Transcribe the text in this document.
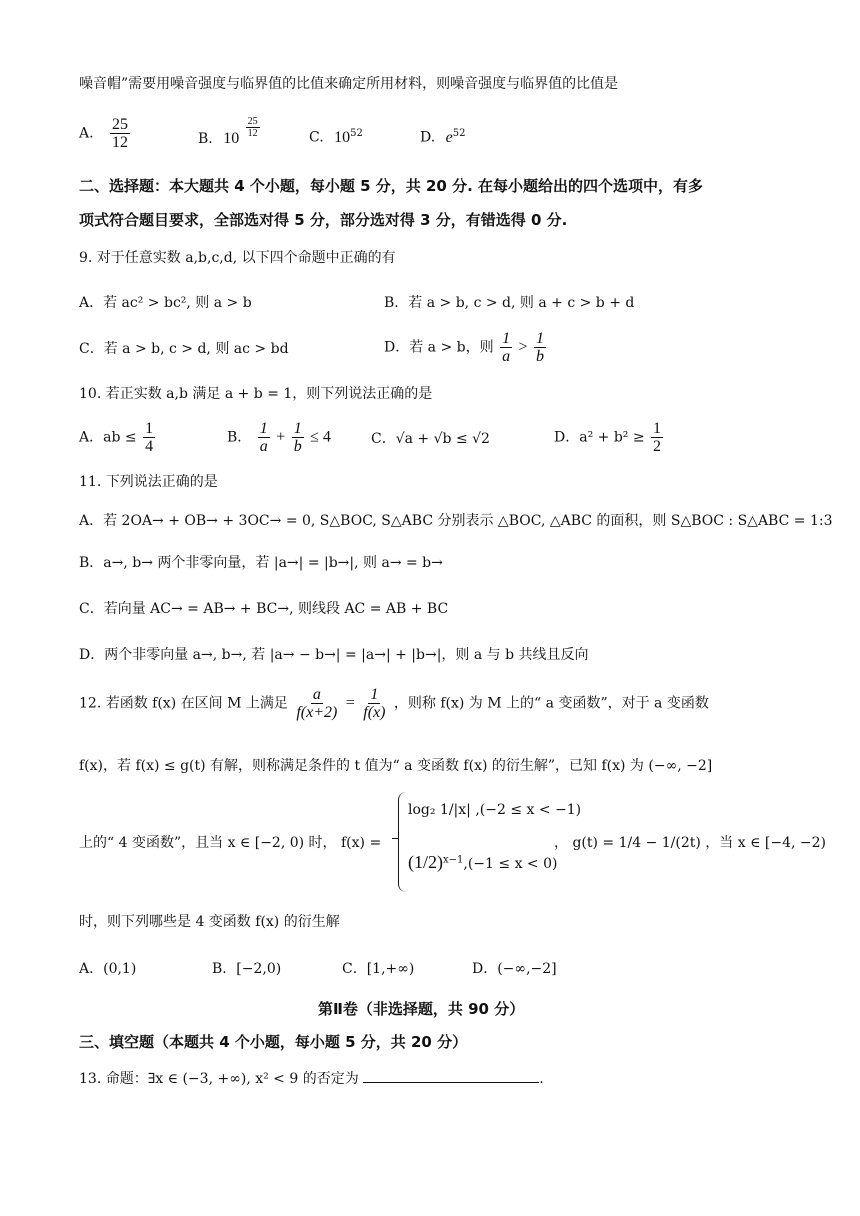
噪音帽”需要用噪音强度与临界值的比值来确定所用材料，则噪音强度与临界值的比值是
A. $\frac{25}{12}$	B. $10 \frac{25}{12}$	C. $10^{52}$	D. $e^{52}$
二、选择题：本大题共 4 个小题，每小题 5 分，共 20 分. 在每小题给出的四个选项中，有多
项式符合题目要求，全部选对得 5 分，部分选对得 3 分，有错选得 0 分.
9. 对于任意实数 a,b,c,d, 以下四个命题中正确的有
A．若 ac² > bc², 则 a > b	B．若 a > b, c > d, 则 a + c > b + d
C．若 a > b, c > d, 则 ac > bd	D．若 a > b，则 $\frac{1}{a} > \frac{1}{b}$
10. 若正实数 a,b 满足 a + b = 1，则下列说法正确的是
A．ab ≤ $\frac{1}{4}$	B． $\frac{1}{a} + \frac{1}{b} \le 4$	C．√a + √b ≤ √2	D．$a^2 + b^2 \ge \frac{1}{2}$
11. 下列说法正确的是
A．若 2OA→ + OB→ + 3OC→ = 0, S△BOC, S△ABC 分别表示 △BOC, △ABC 的面积，则 S△BOC : S△ABC = 1:3
B．a→, b→ 两个非零向量，若 |a→| = |b→|, 则 a→ = b→
C．若向量 AC→ = AB→ + BC→, 则线段 AC = AB + BC
D．两个非零向量 a→, b→, 若 |a→ − b→| = |a→| + |b→|，则 a 与 b 共线且反向
12. 若函数 f(x) 在区间 M 上满足 $\frac{a}{f(x+2)} = \frac{1}{f(x)}$ ，则称 f(x) 为 M 上的“ a 变函数”，对于 a 变函数
f(x)，若 f(x) ≤ g(t) 有解，则称满足条件的 t 值为“ a 变函数 f(x) 的衍生解”，已知 f(x) 为 (−∞, −2]
上的“ 4 变函数”，且当 x ∈ [−2, 0) 时， f(x) =
log₂ 1/|x| ,(−2 ≤ x < −1)
$(1/2)^{x-1},(-1 \le x < 0)$
， g(t) = 1/4 − 1/(2t) ，当 x ∈ [−4, −2)
时，则下列哪些是 4 变函数 f(x) 的衍生解
A．(0,1)	B．[−2,0)	C．[1,+∞)	D．(−∞,−2]
第Ⅱ卷（非选择题，共 90 分）
三、填空题（本题共 4 个小题，每小题 5 分，共 20 分）
13. 命题：∃x ∈ (−3, +∞), x² < 9 的否定为	.
